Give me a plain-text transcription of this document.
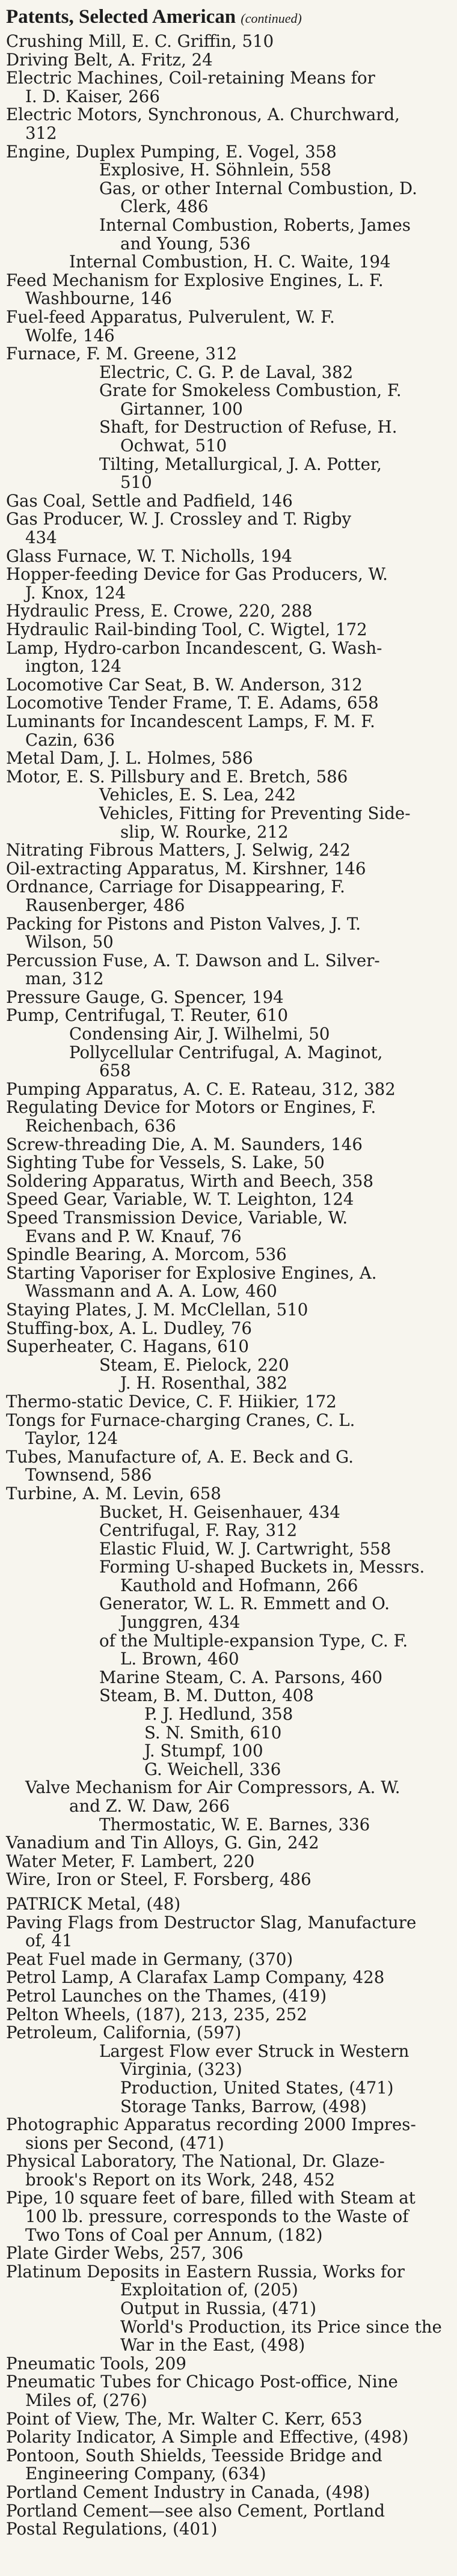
Patents, Selected American (continued)
Crushing Mill, E. C. Griffin, 510
Driving Belt, A. Fritz, 24
Electric Machines, Coil-retaining Means for
I. D. Kaiser, 266
Electric Motors, Synchronous, A. Churchward,
312
Engine, Duplex Pumping, E. Vogel, 358
Explosive, H. Söhnlein, 558
Gas, or other Internal Combustion, D.
Clerk, 486
Internal Combustion, Roberts, James
and Young, 536
Internal Combustion, H. C. Waite, 194
Feed Mechanism for Explosive Engines, L. F.
Washbourne, 146
Fuel-feed Apparatus, Pulverulent, W. F.
Wolfe, 146
Furnace, F. M. Greene, 312
Electric, C. G. P. de Laval, 382
Grate for Smokeless Combustion, F.
Girtanner, 100
Shaft, for Destruction of Refuse, H.
Ochwat, 510
Tilting, Metallurgical, J. A. Potter,
510
Gas Coal, Settle and Padfield, 146
Gas Producer, W. J. Crossley and T. Rigby
434
Glass Furnace, W. T. Nicholls, 194
Hopper-feeding Device for Gas Producers, W.
J. Knox, 124
Hydraulic Press, E. Crowe, 220, 288
Hydraulic Rail-binding Tool, C. Wigtel, 172
Lamp, Hydro-carbon Incandescent, G. Wash-
ington, 124
Locomotive Car Seat, B. W. Anderson, 312
Locomotive Tender Frame, T. E. Adams, 658
Luminants for Incandescent Lamps, F. M. F.
Cazin, 636
Metal Dam, J. L. Holmes, 586
Motor, E. S. Pillsbury and E. Bretch, 586
Vehicles, E. S. Lea, 242
Vehicles, Fitting for Preventing Side-
slip, W. Rourke, 212
Nitrating Fibrous Matters, J. Selwig, 242
Oil-extracting Apparatus, M. Kirshner, 146
Ordnance, Carriage for Disappearing, F.
Rausenberger, 486
Packing for Pistons and Piston Valves, J. T.
Wilson, 50
Percussion Fuse, A. T. Dawson and L. Silver-
man, 312
Pressure Gauge, G. Spencer, 194
Pump, Centrifugal, T. Reuter, 610
Condensing Air, J. Wilhelmi, 50
Pollycellular Centrifugal, A. Maginot,
658
Pumping Apparatus, A. C. E. Rateau, 312, 382
Regulating Device for Motors or Engines, F.
Reichenbach, 636
Screw-threading Die, A. M. Saunders, 146
Sighting Tube for Vessels, S. Lake, 50
Soldering Apparatus, Wirth and Beech, 358
Speed Gear, Variable, W. T. Leighton, 124
Speed Transmission Device, Variable, W.
Evans and P. W. Knauf, 76
Spindle Bearing, A. Morcom, 536
Starting Vaporiser for Explosive Engines, A.
Wassmann and A. A. Low, 460
Staying Plates, J. M. McClellan, 510
Stuffing-box, A. L. Dudley, 76
Superheater, C. Hagans, 610
Steam, E. Pielock, 220
J. H. Rosenthal, 382
Thermo-static Device, C. F. Hiikier, 172
Tongs for Furnace-charging Cranes, C. L.
Taylor, 124
Tubes, Manufacture of, A. E. Beck and G.
Townsend, 586
Turbine, A. M. Levin, 658
Bucket, H. Geisenhauer, 434
Centrifugal, F. Ray, 312
Elastic Fluid, W. J. Cartwright, 558
Forming U-shaped Buckets in, Messrs.
Kauthold and Hofmann, 266
Generator, W. L. R. Emmett and O.
Junggren, 434
of the Multiple-expansion Type, C. F.
L. Brown, 460
Marine Steam, C. A. Parsons, 460
Steam, B. M. Dutton, 408
P. J. Hedlund, 358
S. N. Smith, 610
J. Stumpf, 100
G. Weichell, 336
Valve Mechanism for Air Compressors, A. W.
and Z. W. Daw, 266
Thermostatic, W. E. Barnes, 336
Vanadium and Tin Alloys, G. Gin, 242
Water Meter, F. Lambert, 220
Wire, Iron or Steel, F. Forsberg, 486
PATRICK Metal, (48)
Paving Flags from Destructor Slag, Manufacture
of, 41
Peat Fuel made in Germany, (370)
Petrol Lamp, A Clarafax Lamp Company, 428
Petrol Launches on the Thames, (419)
Pelton Wheels, (187), 213, 235, 252
Petroleum, California, (597)
Largest Flow ever Struck in Western
Virginia, (323)
Production, United States, (471)
Storage Tanks, Barrow, (498)
Photographic Apparatus recording 2000 Impres-
sions per Second, (471)
Physical Laboratory, The National, Dr. Glaze-
brook's Report on its Work, 248, 452
Pipe, 10 square feet of bare, filled with Steam at
100 lb. pressure, corresponds to the Waste of
Two Tons of Coal per Annum, (182)
Plate Girder Webs, 257, 306
Platinum Deposits in Eastern Russia, Works for
Exploitation of, (205)
Output in Russia, (471)
World's Production, its Price since the
War in the East, (498)
Pneumatic Tools, 209
Pneumatic Tubes for Chicago Post-office, Nine
Miles of, (276)
Point of View, The, Mr. Walter C. Kerr, 653
Polarity Indicator, A Simple and Effective, (498)
Pontoon, South Shields, Teesside Bridge and
Engineering Company, (634)
Portland Cement Industry in Canada, (498)
Portland Cement—see also Cement, Portland
Postal Regulations, (401)
